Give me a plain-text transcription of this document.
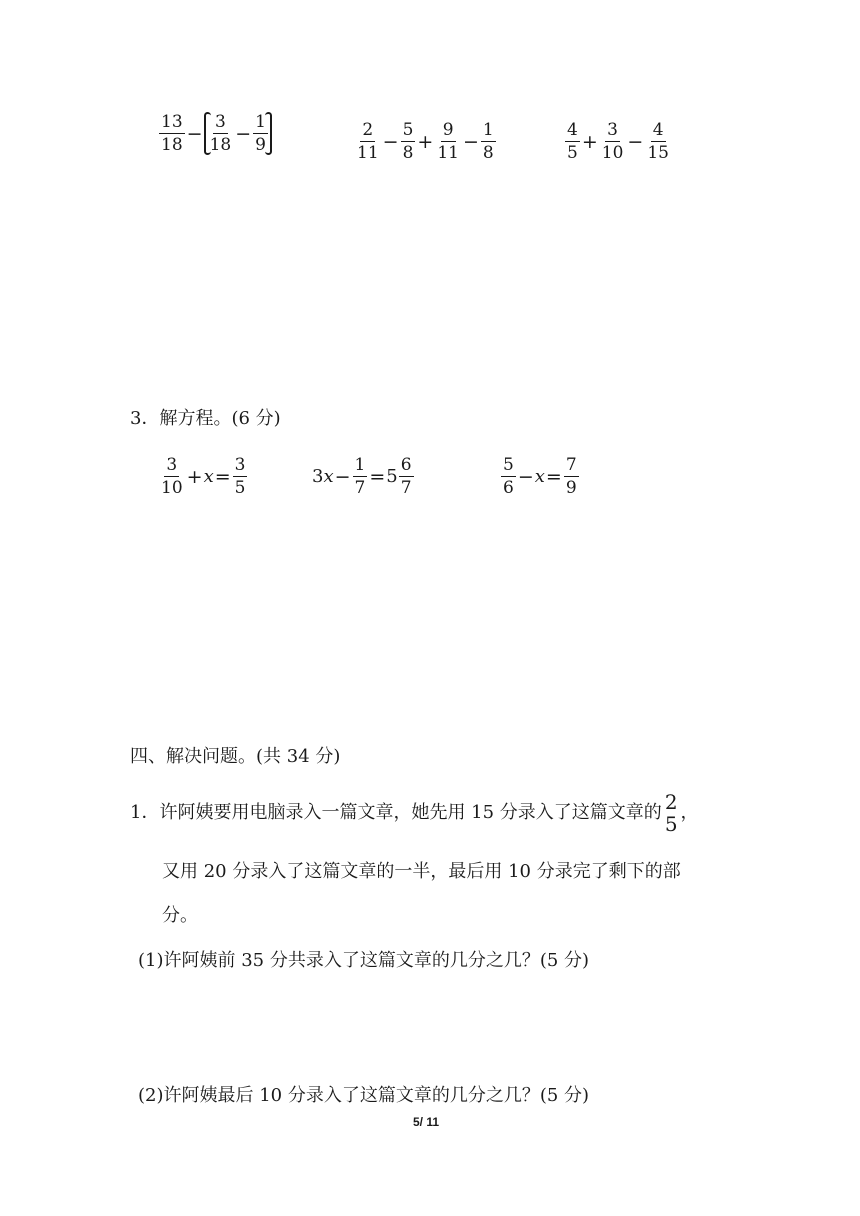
$\frac{13}{18} - \frac{3}{18} - \frac{1}{9}$	$\frac{2}{11} - \frac{5}{8} + \frac{9}{11} - \frac{1}{8}$	$\frac{4}{5} + \frac{3}{10} - \frac{4}{15}$
3．解方程。(6 分)
$\frac{3}{10} + x = \frac{3}{5}$	3 $x - \frac{1}{7} = 5 \frac{6}{7}$	$\frac{5}{6} - x = \frac{7}{9}$
四、解决问题。(共 34 分)
1．许阿姨要用电脑录入一篇文章，她先用 15 分录入了这篇文章的 2
5 ，
又用 20 分录入了这篇文章的一半，最后用 10 分录完了剩下的部
分。
(1)许阿姨前 35 分共录入了这篇文章的几分之几？(5 分)
(2)许阿姨最后 10 分录入了这篇文章的几分之几？(5 分)
5/ 11
